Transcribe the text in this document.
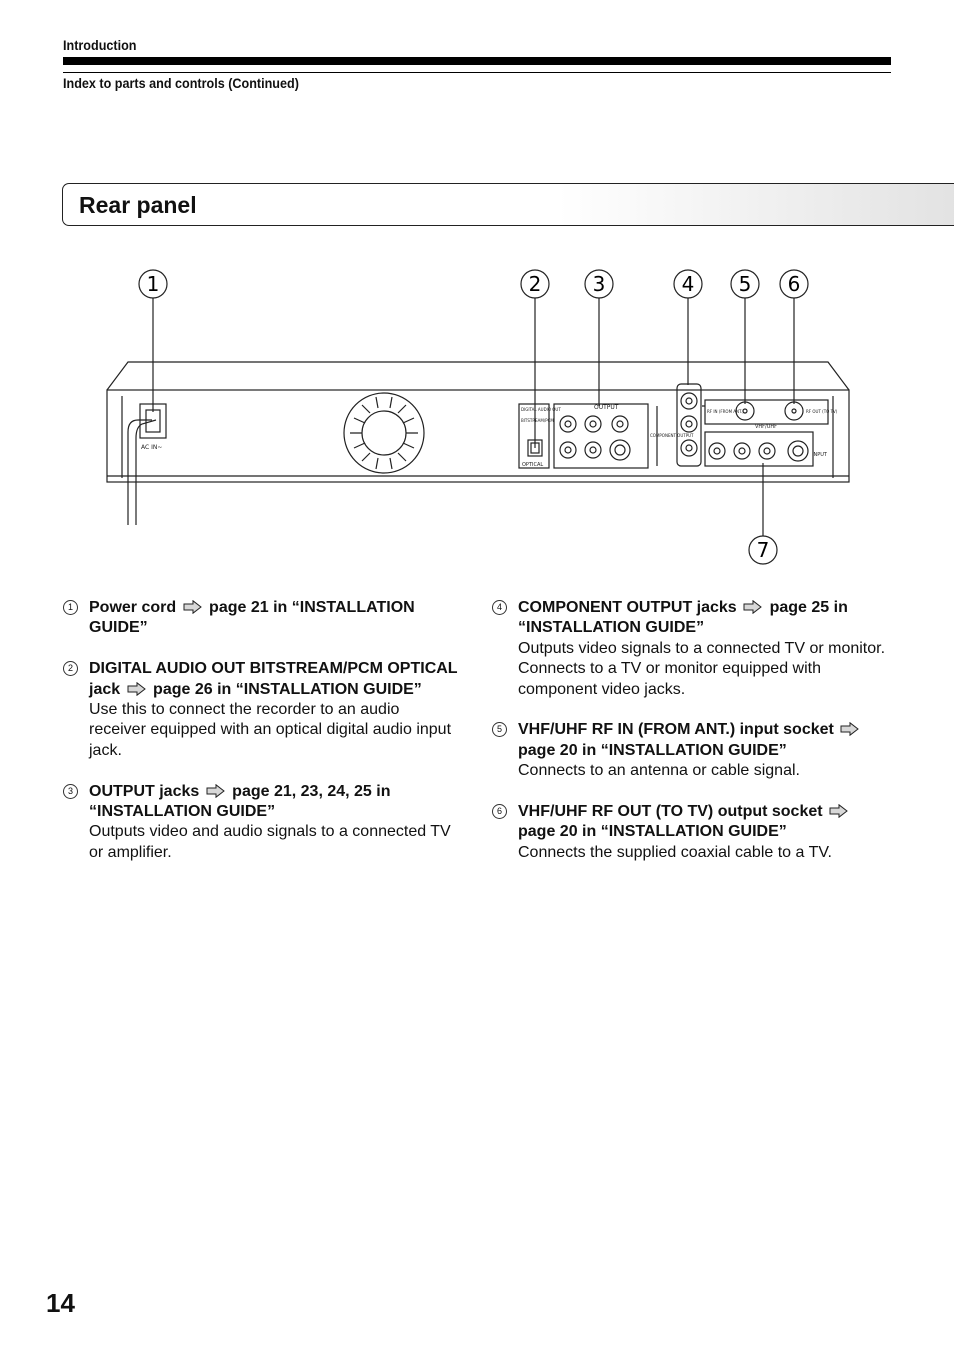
Introduction
Index to parts and controls (Continued)
Rear panel
1	2	3	4 5 6
7
AC IN~
DIGITAL AUDIO OUT
BITSTREAM/PCM
OPTICAL
OUTPUT
COMPONENT OUTPUT
RF IN (FROM ANT.)	RF OUT (TO TV)
VHF/UHF
INPUT
1	Power cord page 21 in “INSTALLATION GUIDE”
2	DIGITAL AUDIO OUT BITSTREAM/PCM OPTICAL jack page 26 in “INSTALLATION GUIDE”
Use this to connect the recorder to an audio receiver equipped with an optical digital audio input jack.
3	OUTPUT jacks page 21, 23, 24, 25 in “INSTALLATION GUIDE”
Outputs video and audio signals to a connected TV or amplifier.
4	COMPONENT OUTPUT jacks page 25 in “INSTALLATION GUIDE”
Outputs video signals to a connected TV or monitor.
Connects to a TV or monitor equipped with component video jacks.
5	VHF/UHF RF IN (FROM ANT.) input socket  page 20 in “INSTALLATION GUIDE”
Connects to an antenna or cable signal.
6	VHF/UHF RF OUT (TO TV) output socket  page 20 in “INSTALLATION GUIDE”
Connects the supplied coaxial cable to a TV.
14
